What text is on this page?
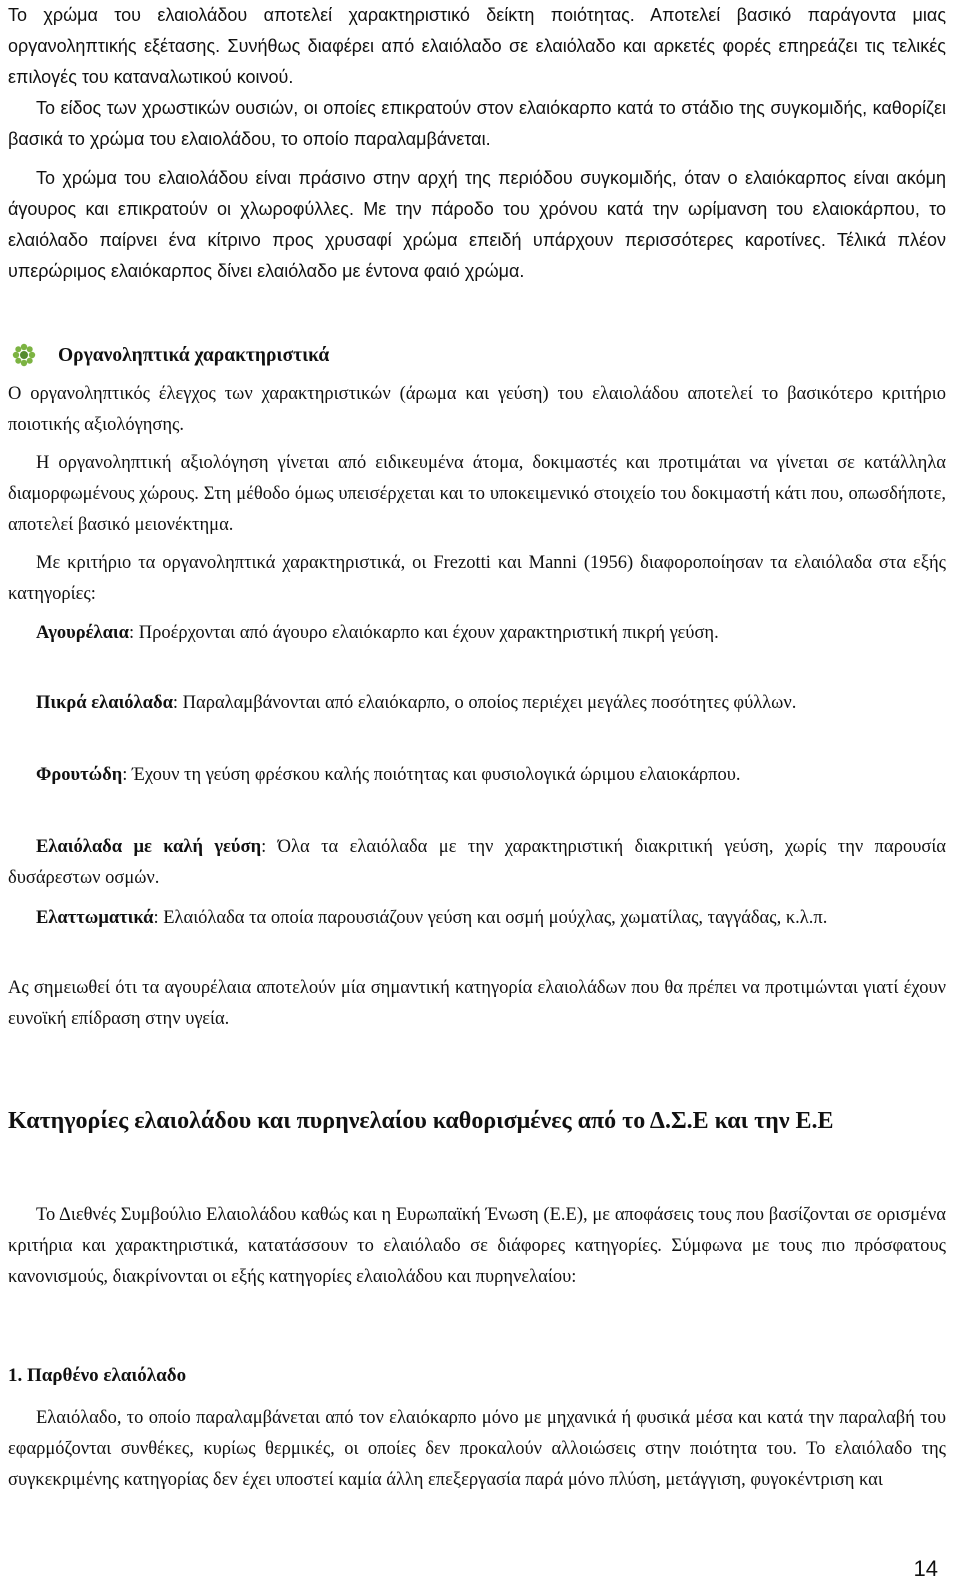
Το χρώμα του ελαιολάδου αποτελεί χαρακτηριστικό δείκτη ποιότητας. Αποτελεί βασικό παράγοντα μιας οργανοληπτικής εξέτασης. Συνήθως διαφέρει από ελαιόλαδο σε ελαιόλαδο και αρκετές φορές επηρεάζει τις τελικές επιλογές του καταναλωτικού κοινού.

Το είδος των χρωστικών ουσιών, οι οποίες επικρατούν στον ελαιόκαρπο κατά το στάδιο της συγκομιδής, καθορίζει βασικά το χρώμα του ελαιολάδου, το οποίο παραλαμβάνεται.

Το χρώμα του ελαιολάδου είναι πράσινο στην αρχή της περιόδου συγκομιδής, όταν ο ελαιόκαρπος είναι ακόμη άγουρος και επικρατούν οι χλωροφύλλες. Με την πάροδο του χρόνου κατά την ωρίμανση του ελαιοκάρπου, το ελαιόλαδο παίρνει ένα κίτρινο προς χρυσαφί χρώμα επειδή υπάρχουν περισσότερες καροτίνες. Τέλικά πλέον υπερώριμος ελαιόκαρπος δίνει ελαιόλαδο με έντονα φαιό χρώμα.

Οργανοληπτικά χαρακτηριστικά

Ο οργανοληπτικός έλεγχος των χαρακτηριστικών (άρωμα και γεύση) του ελαιολάδου αποτελεί το βασικότερο κριτήριο ποιοτικής αξιολόγησης.

Η οργανοληπτική αξιολόγηση γίνεται από ειδικευμένα άτομα, δοκιμαστές και προτιμάται να γίνεται σε κατάλληλα διαμορφωμένους χώρους. Στη μέθοδο όμως υπεισέρχεται και το υποκειμενικό στοιχείο του δοκιμαστή κάτι που, οπωσδήποτε, αποτελεί βασικό μειονέκτημα.

Με κριτήριο τα οργανοληπτικά χαρακτηριστικά, οι Frezotti και Manni (1956) διαφοροποίησαν τα ελαιόλαδα στα εξής κατηγορίες:

Αγουρέλαια: Προέρχονται από άγουρο ελαιόκαρπο και έχουν χαρακτηριστική πικρή γεύση.

Πικρά ελαιόλαδα: Παραλαμβάνονται από ελαιόκαρπο, ο οποίος περιέχει μεγάλες ποσότητες φύλλων.

Φρουτώδη: Έχουν τη γεύση φρέσκου καλής ποιότητας και φυσιολογικά ώριμου ελαιοκάρπου.

Ελαιόλαδα με καλή γεύση: Όλα τα ελαιόλαδα με την χαρακτηριστική διακριτική γεύση, χωρίς την παρουσία δυσάρεστων οσμών.

Ελαττωματικά: Ελαιόλαδα τα οποία παρουσιάζουν γεύση και οσμή μούχλας, χωματίλας, ταγγάδας, κ.λ.π.

Ας σημειωθεί ότι τα αγουρέλαια αποτελούν μία σημαντική κατηγορία ελαιολάδων που θα πρέπει να προτιμώνται γιατί έχουν ευνοϊκή επίδραση στην υγεία.

Κατηγορίες ελαιολάδου και πυρηνελαίου καθορισμένες από το Δ.Σ.Ε και την Ε.Ε

Το Διεθνές Συμβούλιο Ελαιολάδου καθώς και η Ευρωπαϊκή Ένωση (Ε.Ε), με αποφάσεις τους που βασίζονται σε ορισμένα κριτήρια και χαρακτηριστικά, κατατάσσουν το ελαιόλαδο σε διάφορες κατηγορίες. Σύμφωνα με τους πιο πρόσφατους κανονισμούς, διακρίνονται οι εξής κατηγορίες ελαιολάδου και πυρηνελαίου:

1. Παρθένο ελαιόλαδο

Ελαιόλαδο, το οποίο παραλαμβάνεται από τον ελαιόκαρπο μόνο με μηχανικά ή φυσικά μέσα και κατά την παραλαβή του εφαρμόζονται συνθέκες, κυρίως θερμικές, οι οποίες δεν προκαλούν αλλοιώσεις στην ποιότητα του. Το ελαιόλαδο της συγκεκριμένης κατηγορίας δεν έχει υποστεί καμία άλλη επεξεργασία παρά μόνο πλύση, μετάγγιση, φυγοκέντριση και

14
